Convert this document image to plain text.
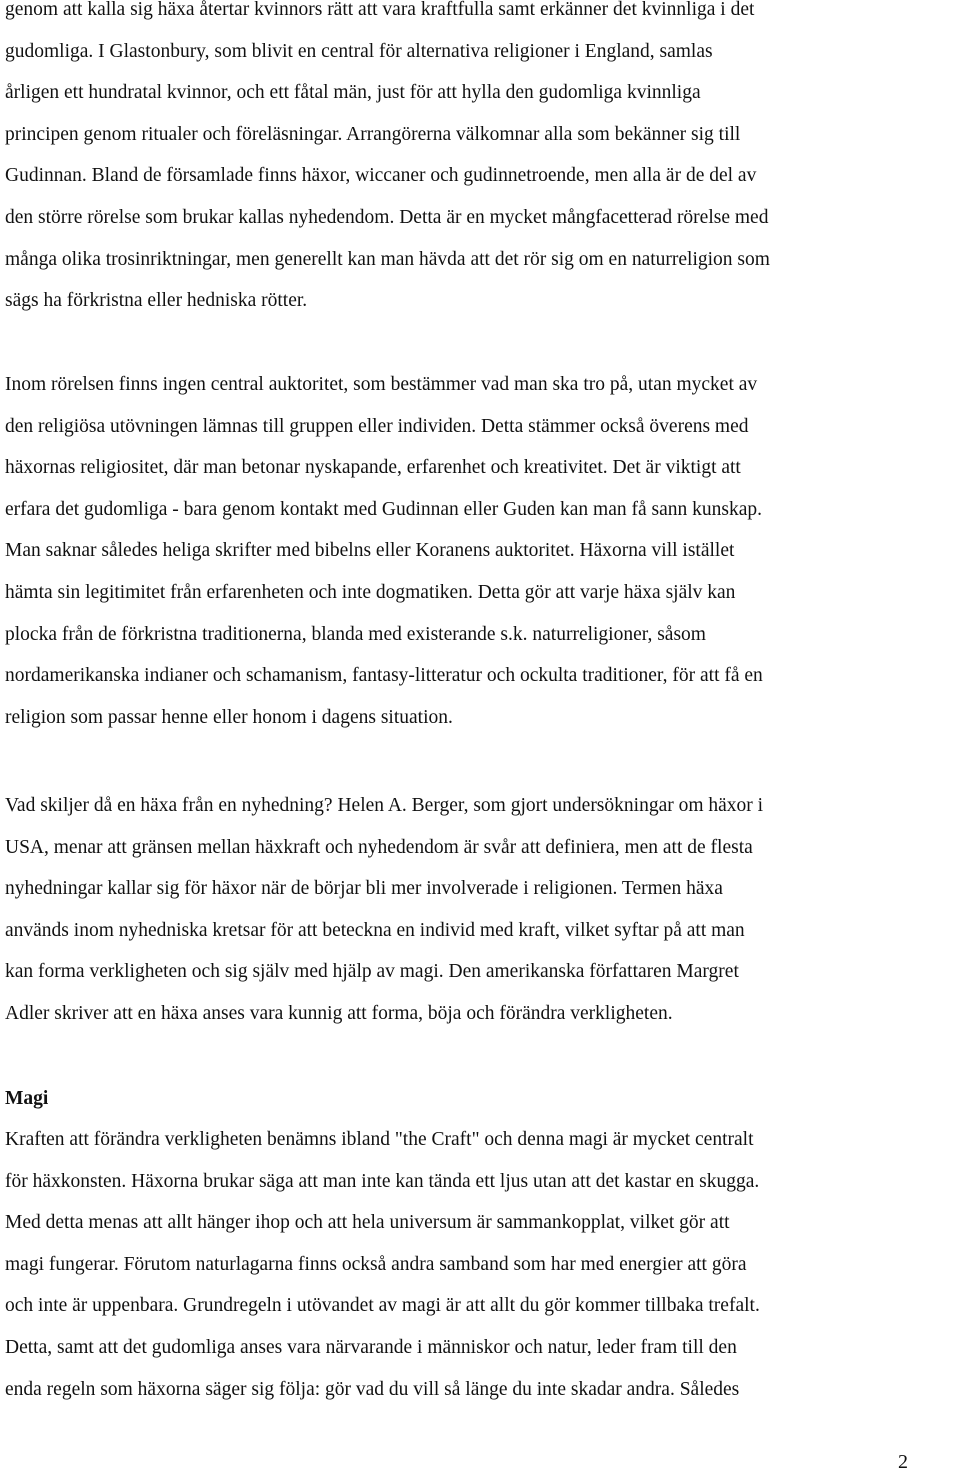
genom att kalla sig häxa återtar kvinnors rätt att vara kraftfulla samt erkänner det kvinnliga i det
gudomliga. I Glastonbury, som blivit en central för alternativa religioner i England, samlas
årligen ett hundratal kvinnor, och ett fåtal män, just för att hylla den gudomliga kvinnliga
principen genom ritualer och föreläsningar. Arrangörerna välkomnar alla som bekänner sig till
Gudinnan. Bland de församlade finns häxor, wiccaner och gudinnetroende, men alla är de del av
den större rörelse som brukar kallas nyhedendom. Detta är en mycket mångfacetterad rörelse med
många olika trosinriktningar, men generellt kan man hävda att det rör sig om en naturreligion som
sägs ha förkristna eller hedniska rötter.
Inom rörelsen finns ingen central auktoritet, som bestämmer vad man ska tro på, utan mycket av
den religiösa utövningen lämnas till gruppen eller individen. Detta stämmer också överens med
häxornas religiositet, där man betonar nyskapande, erfarenhet och kreativitet. Det är viktigt att
erfara det gudomliga - bara genom kontakt med Gudinnan eller Guden kan man få sann kunskap.
Man saknar således heliga skrifter med bibelns eller Koranens auktoritet. Häxorna vill istället
hämta sin legitimitet från erfarenheten och inte dogmatiken. Detta gör att varje häxa själv kan
plocka från de förkristna traditionerna, blanda med existerande s.k. naturreligioner, såsom
nordamerikanska indianer och schamanism, fantasy-litteratur och ockulta traditioner, för att få en
religion som passar henne eller honom i dagens situation.
Vad skiljer då en häxa från en nyhedning? Helen A. Berger, som gjort undersökningar om häxor i
USA, menar att gränsen mellan häxkraft och nyhedendom är svår att definiera, men att de flesta
nyhedningar kallar sig för häxor när de börjar bli mer involverade i religionen. Termen häxa
används inom nyhedniska kretsar för att beteckna en individ med kraft, vilket syftar på att man
kan forma verkligheten och sig själv med hjälp av magi. Den amerikanska författaren Margret
Adler skriver att en häxa anses vara kunnig att forma, böja och förändra verkligheten.
Magi
Kraften att förändra verkligheten benämns ibland "the Craft" och denna magi är mycket centralt
för häxkonsten. Häxorna brukar säga att man inte kan tända ett ljus utan att det kastar en skugga.
Med detta menas att allt hänger ihop och att hela universum är sammankopplat, vilket gör att
magi fungerar. Förutom naturlagarna finns också andra samband som har med energier att göra
och inte är uppenbara. Grundregeln i utövandet av magi är att allt du gör kommer tillbaka trefalt.
Detta, samt att det gudomliga anses vara närvarande i människor och natur, leder fram till den
enda regeln som häxorna säger sig följa: gör vad du vill så länge du inte skadar andra. Således
2
